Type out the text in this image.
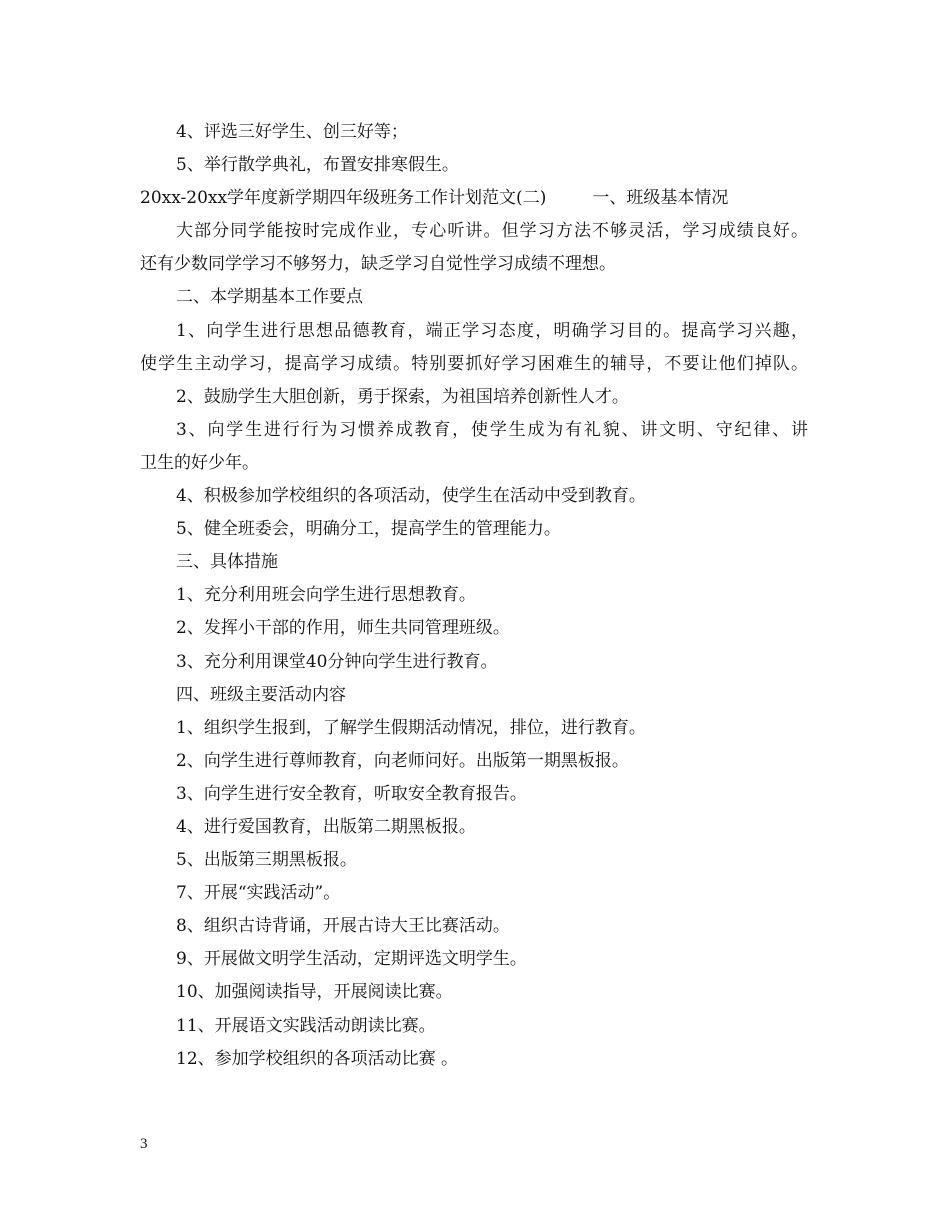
4、评选三好学生、创三好等；
5、举行散学典礼，布置安排寒假生。
20xx-20xx学年度新学期四年级班务工作计划范文(二)	一、班级基本情况
大部分同学能按时完成作业，专心听讲。但学习方法不够灵活，学习成绩良好。
还有少数同学学习不够努力，缺乏学习自觉性学习成绩不理想。
二、本学期基本工作要点
1、向学生进行思想品德教育，端正学习态度，明确学习目的。提高学习兴趣，
使学生主动学习，提高学习成绩。特别要抓好学习困难生的辅导，不要让他们掉队。
2、鼓励学生大胆创新，勇于探索，为祖国培养创新性人才。
3、向学生进行行为习惯养成教育，使学生成为有礼貌、讲文明、守纪律、讲
卫生的好少年。
4、积极参加学校组织的各项活动，使学生在活动中受到教育。
5、健全班委会，明确分工，提高学生的管理能力。
三、具体措施
1、充分利用班会向学生进行思想教育。
2、发挥小干部的作用，师生共同管理班级。
3、充分利用课堂40分钟向学生进行教育。
四、班级主要活动内容
1、组织学生报到，了解学生假期活动情况，排位，进行教育。
2、向学生进行尊师教育，向老师问好。出版第一期黑板报。
3、向学生进行安全教育，听取安全教育报告。
4、进行爱国教育，出版第二期黑板报。
5、出版第三期黑板报。
7、开展“实践活动”。
8、组织古诗背诵，开展古诗大王比赛活动。
9、开展做文明学生活动，定期评选文明学生。
10、加强阅读指导，开展阅读比赛。
11、开展语文实践活动朗读比赛。
12、参加学校组织的各项活动比赛 。
3
